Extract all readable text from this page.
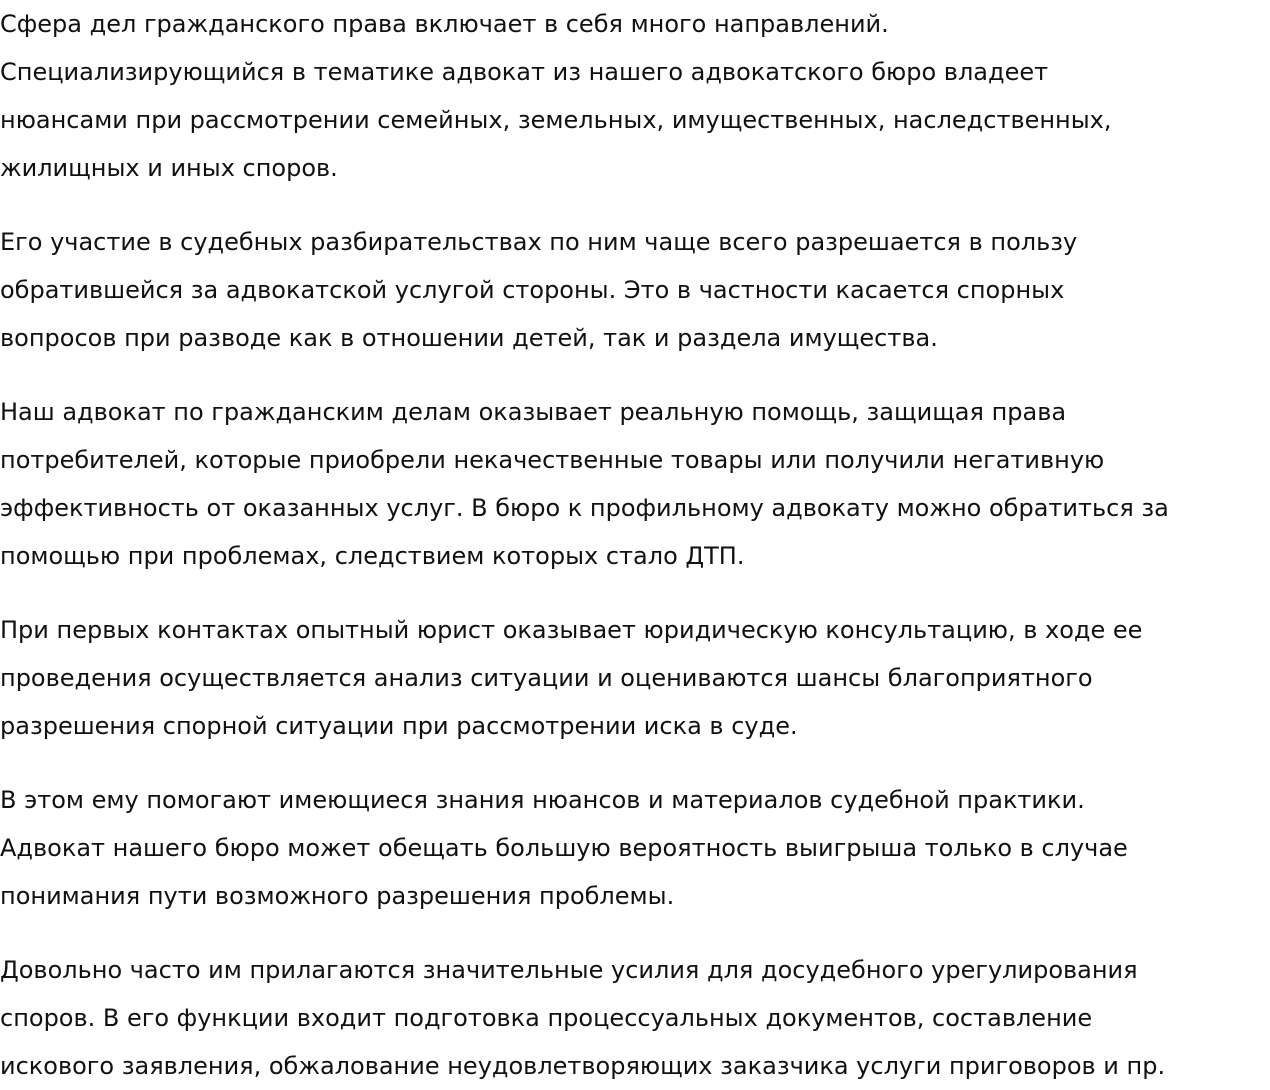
Сфера дел гражданского права включает в себя много направлений.
Специализирующийся в тематике адвокат из нашего адвокатского бюро владеет
нюансами при рассмотрении семейных, земельных, имущественных, наследственных,
жилищных и иных споров.

Его участие в судебных разбирательствах по ним чаще всего разрешается в пользу
обратившейся за адвокатской услугой стороны. Это в частности касается спорных
вопросов при разводе как в отношении детей, так и раздела имущества.

Наш адвокат по гражданским делам оказывает реальную помощь, защищая права
потребителей, которые приобрели некачественные товары или получили негативную
эффективность от оказанных услуг. В бюро к профильному адвокату можно обратиться за
помощью при проблемах, следствием которых стало ДТП.

При первых контактах опытный юрист оказывает юридическую консультацию, в ходе ее
проведения осуществляется анализ ситуации и оцениваются шансы благоприятного
разрешения спорной ситуации при рассмотрении иска в суде.

В этом ему помогают имеющиеся знания нюансов и материалов судебной практики.
Адвокат нашего бюро может обещать большую вероятность выигрыша только в случае
понимания пути возможного разрешения проблемы.

Довольно часто им прилагаются значительные усилия для досудебного урегулирования
споров. В его функции входит подготовка процессуальных документов, составление
искового заявления, обжалование неудовлетворяющих заказчика услуги приговоров и пр.
